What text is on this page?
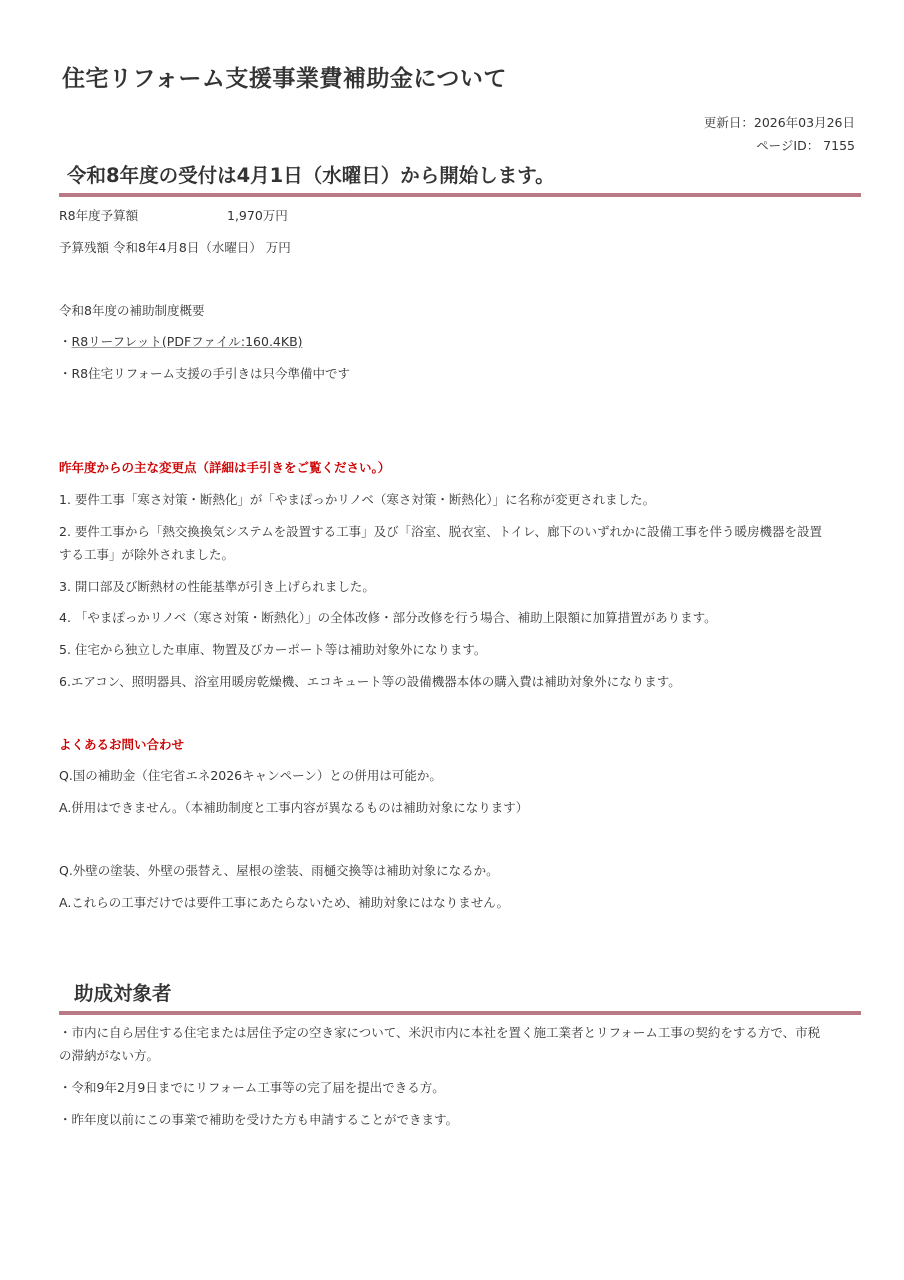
住宅リフォーム支援事業費補助金について
更新日：2026年03月26日
ページID： 7155
令和8年度の受付は4月1日（水曜日）から開始します。

R8年度予算額	1,970万円

予算残額 令和8年4月8日（水曜日） 万円

令和8年度の補助制度概要

・R8リーフレット(PDFファイル:160.4KB)

・R8住宅リフォーム支援の手引きは只今準備中です

昨年度からの主な変更点（詳細は手引きをご覧ください。）

1. 要件工事「寒さ対策・断熱化」が「やまぽっかリノベ（寒さ対策・断熱化）」に名称が変更されました。

2. 要件工事から「熱交換換気システムを設置する工事」及び「浴室、脱衣室、トイレ、廊下のいずれかに設備工事を伴う暖房機器を設置

する工事」が除外されました。

3. 開口部及び断熱材の性能基準が引き上げられました。

4. 「やまぽっかリノベ（寒さ対策・断熱化）」の全体改修・部分改修を行う場合、補助上限額に加算措置があります。

5. 住宅から独立した車庫、物置及びカーポート等は補助対象外になります。

6.エアコン、照明器具、浴室用暖房乾燥機、エコキュート等の設備機器本体の購入費は補助対象外になります。

よくあるお問い合わせ

Q.国の補助金（住宅省エネ2026キャンペーン）との併用は可能か。

A.併用はできません。（本補助制度と工事内容が異なるものは補助対象になります）

Q.外壁の塗装、外壁の張替え、屋根の塗装、雨樋交換等は補助対象になるか。

A.これらの工事だけでは要件工事にあたらないため、補助対象にはなりません。

助成対象者

・市内に自ら居住する住宅または居住予定の空き家について、米沢市内に本社を置く施工業者とリフォーム工事の契約をする方で、市税

の滞納がない方。

・令和9年2月9日までにリフォーム工事等の完了届を提出できる方。

・昨年度以前にこの事業で補助を受けた方も申請することができます。
